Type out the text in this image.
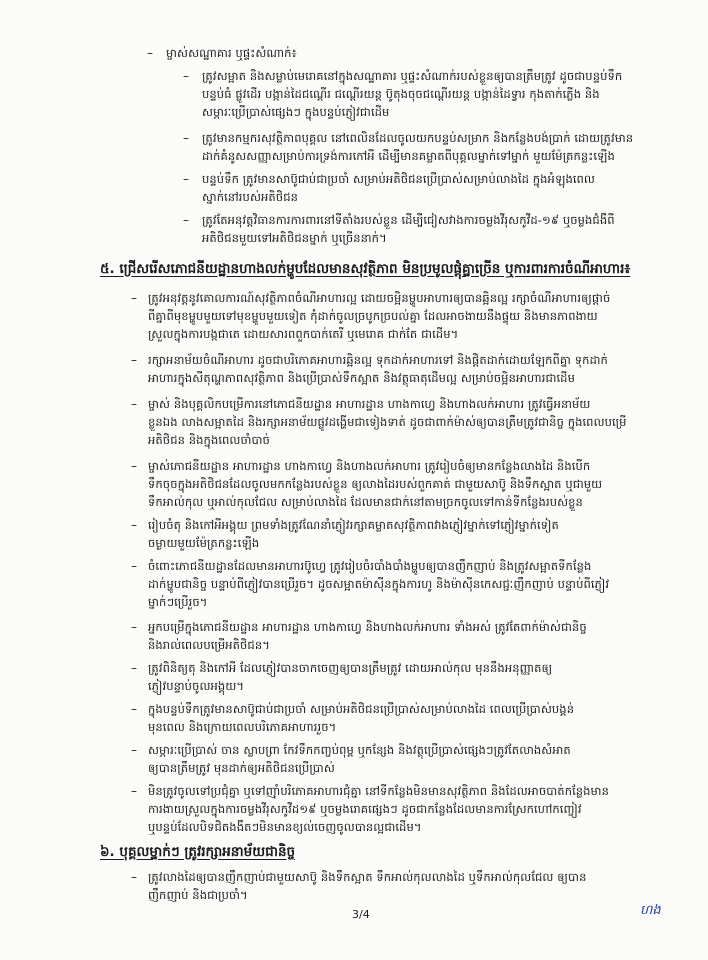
– ម្ចាស់សណ្ឋាគារ ឬផ្ទះសំណាក់៖
– ត្រូវសម្អាត និងសម្លាប់មេរោគនៅក្នុងសណ្ឋាគារ ឬផ្ទះសំណាក់របស់ខ្លួនឲ្យបានត្រឹមត្រូវ ដូចជាបន្ទប់ទឹក
បន្ទប់ធំ ផ្លូវដើរ បង្កាន់ដៃជណ្តើរ ជណ្តើរយន្ត ប៊ូតុងចុចជណ្តើរយន្ត បង្កាន់ដៃទ្វារ កុងតាក់ភ្លើង និង
សម្ភារៈប្រើប្រាស់ផ្សេងៗ ក្នុងបន្ទប់ភ្ញៀវជាដើម
– ត្រូវមានកម្មករសុវត្ថិភាពបុគ្គល នៅពេលិនដែលចូលយកបន្ទប់សម្រាក និងកន្លែងបង់ប្រាក់ ដោយត្រូវមាន
ដាក់គំនូសសញ្ញាសម្រាប់ការទ្រង់ការកៅអី ដើម្បីមានគម្លាតពីបុគ្គលម្នាក់ទៅម្នាក់ មួយម៉ែត្រកន្លះឡើង
– បន្ទប់ទឹក ត្រូវមានសាប៊ូជាប់ជាប្រចាំ សម្រាប់អតិថិជនប្រើប្រាស់សម្រាប់លាងដៃ ក្នុងអំឡុងពេល
ស្នាក់នៅរបស់អតិថិជន
– ត្រូវតែអនុវត្តវិធានការការពារនៅទីតាំងរបស់ខ្លួន ដើម្បីជៀសវាងការចម្លងវីរុសកូវីដ-១៩ ឬចម្លងជំងឺពី
អតិថិជនមួយទៅអតិថិជនម្នាក់ ឬច្រើននាក់។
៥. ជ្រើសរើសភោជនីយដ្ឋានហាងលក់ម្ហូបដែលមានសុវត្ថិភាព មិនប្រមូលផ្តុំគ្នាច្រើន ឬការពារការចំណីអាហារ៖
– ត្រូវអនុវត្តនូវគោលការណ៍សុវត្ថិភាពចំណីអាហារល្អ ដោយចម្អិនម្ហូបអាហារឲ្យបានឆ្អិនល្អ រក្សាចំណីអាហារឲ្យផ្តាច់
ពីគ្នាពីមុខម្ហូបមួយទៅមុខម្ហូបមួយទៀត កុំដាក់ចូលច្របូកច្របល់គ្នា ដែលអាចងាយនឹងផ្ទុយ និងមានភាពងាយ
ស្រួលក្នុងការបង្កជាតេ ដោយសារពពួកបាក់តេរី ឬមេរោគ ជាក់តែ ជាដើម។
– រក្សាអនាម័យចំណីអាហារ ដូចជាបរិភោគអាហារឆ្អិនល្អ ទុកដាក់អាហារទៅ និងផ្តិតដាក់ដោយឡែកពីគ្នា ទុកដាក់
អាហារក្នុងសីតុណ្ហភាពសុវត្ថិភាព និងប្រើប្រាស់ទឹកស្អាត និងវត្ថុធាតុដើមល្អ សម្រាប់ចម្អិនអាហារជាដើម
– ម្ចាស់ និងបុគ្គលិកបម្រើការនៅភោជនីយដ្ឋាន អាហារដ្ឋាន ហាងកាហ្វេ និងហាងលក់អាហារ ត្រូវធ្វើអនាម័យ
ខ្លួនឯង លាងសម្អាតដៃ និងរក្សាអនាម័យផ្លូវដង្ហើមជាទៀងទាត់ ដូចជាពាក់ម៉ាស់ឲ្យបានត្រឹមត្រូវជានិច្ច ក្នុងពេលបម្រើ
អតិថិជន និងក្នុងពេលចាំបាច់
– ម្ចាស់ភោជនីយដ្ឋាន អាហារដ្ឋាន ហាងកាហ្វេ និងហាងលក់អាហារ ត្រូវរៀបចំឲ្យមានកន្លែងលាងដៃ និងបើក
ទឹកចុចក្នុងអតិថិជនដែលចូលមកកន្លែងរបស់ខ្លួន ឲ្យលាងដៃរបស់ពួកគាត់ ជាមួយសាប៊ូ និងទឹកស្អាត ឬជាមួយ
ទឹកអាល់កុល ឬអាល់កុលជែល សម្រាប់លាងដៃ ដែលមានជាក់នៅតាមច្រកចូលទៅកាន់ទីកន្លែងរបស់ខ្លួន
– រៀបចំតុ និងកៅអីអង្គុយ ព្រមទាំងត្រូវណែនាំភ្ញៀវរក្សាគម្លាតសុវត្ថិភាពវាងភ្ញៀវម្នាក់ទៅភ្ញៀវម្នាក់ទៀត
ចម្ងាយមួយម៉ែត្រកន្លះឡើង
– ចំពោះភោជនីយដ្ឋានដែលមានអាហារប៊ូហ្វេ ត្រូវរៀបចំរបាំងបាំងម្ហូបឲ្យបានញឹកញាប់ និងត្រូវសម្អាតទីកន្លែង
ដាក់ម្ហូបជានិច្ច បន្ទាប់ពីភ្ញៀវបានប្រើរួច។ ដូចសម្អាតម៉ាស៊ីនក្នុងការហូ និងម៉ាស៊ីនកេសជ្ជៈញឹកញាប់ បន្ទាប់ពីភ្ញៀវ
ម្នាក់ៗប្រើរួច។
– អ្នកបម្រើក្នុងភោជនីយដ្ឋាន អាហារដ្ឋាន ហាងកាហ្វេ និងហាងលក់អាហារ ទាំងអស់ ត្រូវតែពាក់ម៉ាស់ជានិច្ច
និងរាល់ពេលបម្រើអតិថិជន។
– ត្រូវពិនិត្យតុ និងកៅអី ដែលភ្ញៀវបានចាកចេញឲ្យបានត្រឹមត្រូវ ដោយអាល់កុល មុននឹងអនុញ្ញាតឲ្យ
ភ្ញៀវបន្ទាប់ចូលអង្គុយ។
– ក្នុងបន្ទប់ទឹកត្រូវមានសាប៊ូជាប់ជាប្រចាំ សម្រាប់អតិថិជនប្រើប្រាស់សម្រាប់លាងដៃ ពេលប្រើប្រាស់បង្គន់
មុនពេល និងក្រោយពេលបរិភោគអាហាររួច។
– សម្ភារៈប្រើប្រាស់ ចាន ស្លាបព្រា កែវទឹកកញ្ចប់ពុម្ព ឬកន្សែង និងវត្ថុប្រើប្រាស់ផ្សេងៗត្រូវតែលាងសំអាត
ឲ្យបានត្រឹមត្រូវ មុនដាក់ឲ្យអតិថិជនប្រើប្រាស់
– មិនត្រូវចូលទៅប្រជុំគ្នា ឬទៅញ៉ាំបរិភោគអាហារជុំគ្នា នៅទីកន្លែងមិនមានសុវត្ថិភាព និងដែលអាចបាត់កន្លែងមាន
ការងាយស្រួលក្នុងការចម្លងវីរុសកូវីដ១៩ ឬចម្លងរោគផ្សេងៗ ដូចជាកន្លែងដែលមានការស្រែកហៅកញ្ចៀវ
ឬបន្ទប់ដែលបិទជិតងងឹតៗមិនមានខ្យល់ចេញចូលបានល្អជាដើម។
៦. បុគ្គលម្នាក់ៗ ត្រូវរក្សាអនាម័យជានិច្ច
– ត្រូវលាងដៃឲ្យបានញឹកញាប់ជាមួយសាប៊ូ និងទឹកស្អាត ទឹកអាល់កុលលាងដៃ ឬទឹកអាល់កុលជែល ឲ្យបាន
ញឹកញាប់ និងជាប្រចាំ។
3/4	ហង
